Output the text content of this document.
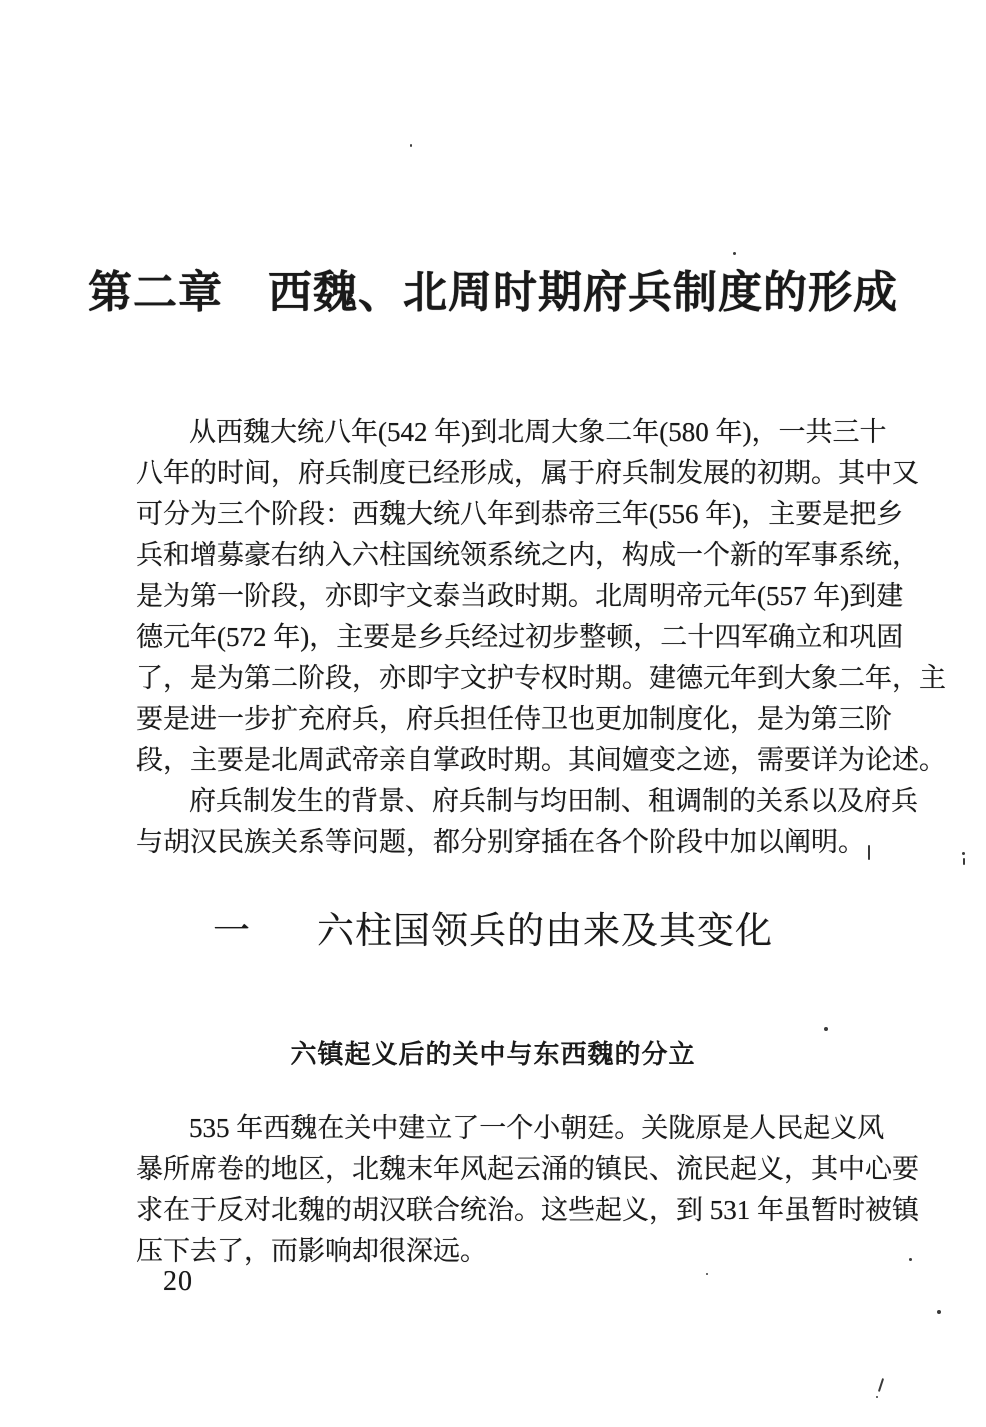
第二章　西魏、北周时期府兵制度的形成

从西魏大统八年(542 年)到北周大象二年(580 年)，一共三十
八年的时间，府兵制度已经形成，属于府兵制发展的初期。其中又
可分为三个阶段：西魏大统八年到恭帝三年(556 年)，主要是把乡
兵和增募豪右纳入六柱国统领系统之内，构成一个新的军事系统，
是为第一阶段，亦即宇文泰当政时期。北周明帝元年(557 年)到建
德元年(572 年)，主要是乡兵经过初步整顿，二十四军确立和巩固
了，是为第二阶段，亦即宇文护专权时期。建德元年到大象二年，主
要是进一步扩充府兵，府兵担任侍卫也更加制度化，是为第三阶
段，主要是北周武帝亲自掌政时期。其间嬗变之迹，需要详为论述。

府兵制发生的背景、府兵制与均田制、租调制的关系以及府兵
与胡汉民族关系等问题，都分别穿插在各个阶段中加以阐明。

一 六柱国领兵的由来及其变化
六镇起义后的关中与东西魏的分立

535 年西魏在关中建立了一个小朝廷。关陇原是人民起义风
暴所席卷的地区，北魏末年风起云涌的镇民、流民起义，其中心要
求在于反对北魏的胡汉联合统治。这些起义，到 531 年虽暂时被镇
压下去了，而影响却很深远。

20
